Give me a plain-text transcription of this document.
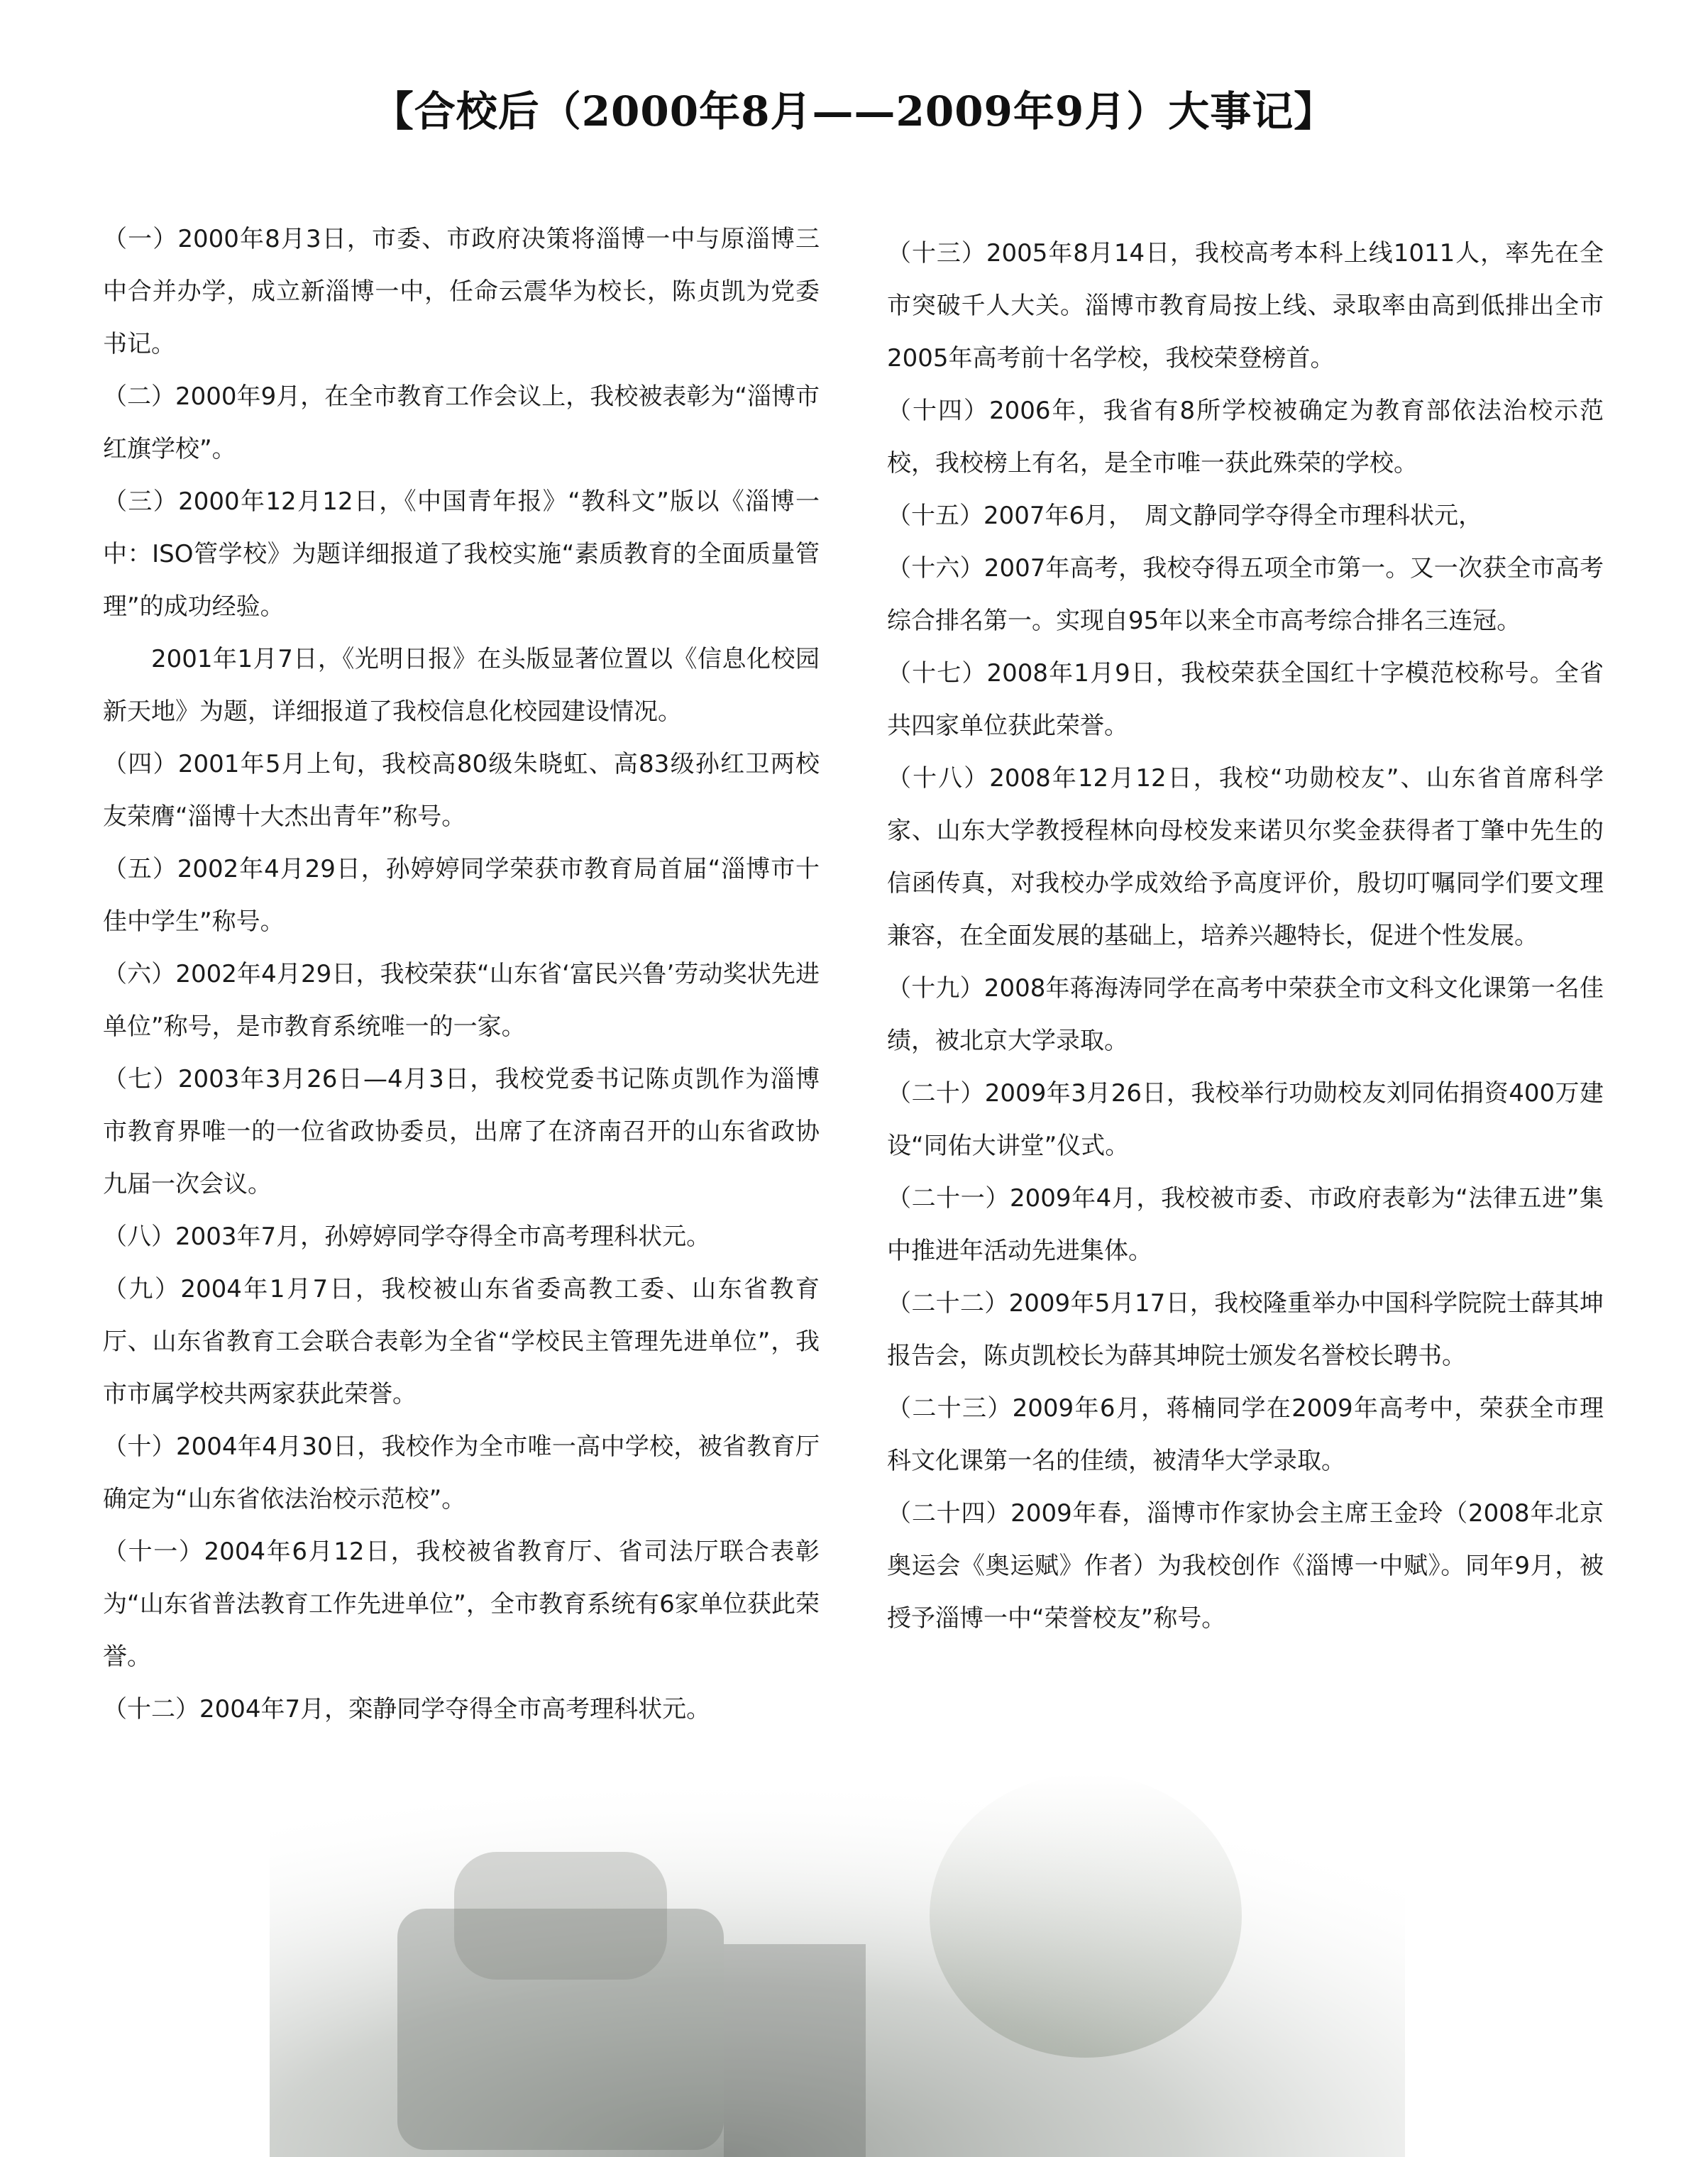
【合校后（2000年8月——2009年9月）大事记】

（一）2000年8月3日，市委、市政府决策将淄博一中与原淄博三中合并办学，成立新淄博一中，任命云震华为校长，陈贞凯为党委书记。

（二）2000年9月，在全市教育工作会议上，我校被表彰为“淄博市红旗学校”。

（三）2000年12月12日，《中国青年报》“教科文”版以《淄博一中：ISO管学校》为题详细报道了我校实施“素质教育的全面质量管理”的成功经验。

2001年1月7日，《光明日报》在头版显著位置以《信息化校园新天地》为题，详细报道了我校信息化校园建设情况。

（四）2001年5月上旬，我校高80级朱晓虹、高83级孙红卫两校友荣膺“淄博十大杰出青年”称号。

（五）2002年4月29日，孙婷婷同学荣获市教育局首届“淄博市十佳中学生”称号。

（六）2002年4月29日，我校荣获“山东省‘富民兴鲁’劳动奖状先进单位”称号，是市教育系统唯一的一家。

（七）2003年3月26日—4月3日，我校党委书记陈贞凯作为淄博市教育界唯一的一位省政协委员，出席了在济南召开的山东省政协九届一次会议。

（八）2003年7月，孙婷婷同学夺得全市高考理科状元。

（九）2004年1月7日，我校被山东省委高教工委、山东省教育厅、山东省教育工会联合表彰为全省“学校民主管理先进单位”，我市市属学校共两家获此荣誉。

（十）2004年4月30日，我校作为全市唯一高中学校，被省教育厅确定为“山东省依法治校示范校”。

（十一）2004年6月12日，我校被省教育厅、省司法厅联合表彰为“山东省普法教育工作先进单位”，全市教育系统有6家单位获此荣誉。

（十二）2004年7月，栾静同学夺得全市高考理科状元。

（十三）2005年8月14日，我校高考本科上线1011人，率先在全市突破千人大关。淄博市教育局按上线、录取率由高到低排出全市2005年高考前十名学校，我校荣登榜首。

（十四）2006年，我省有8所学校被确定为教育部依法治校示范校，我校榜上有名，是全市唯一获此殊荣的学校。

（十五）2007年6月，　周文静同学夺得全市理科状元，

（十六）2007年高考，我校夺得五项全市第一。又一次获全市高考综合排名第一。实现自95年以来全市高考综合排名三连冠。

（十七）2008年1月9日，我校荣获全国红十字模范校称号。全省共四家单位获此荣誉。

（十八）2008年12月12日，我校“功勋校友”、山东省首席科学家、山东大学教授程林向母校发来诺贝尔奖金获得者丁肇中先生的信函传真，对我校办学成效给予高度评价，殷切叮嘱同学们要文理兼容，在全面发展的基础上，培养兴趣特长，促进个性发展。

（十九）2008年蒋海涛同学在高考中荣获全市文科文化课第一名佳绩，被北京大学录取。

（二十）2009年3月26日，我校举行功勋校友刘同佑捐资400万建设“同佑大讲堂”仪式。

（二十一）2009年4月，我校被市委、市政府表彰为“法律五进”集中推进年活动先进集体。

（二十二）2009年5月17日，我校隆重举办中国科学院院士薛其坤报告会，陈贞凯校长为薛其坤院士颁发名誉校长聘书。

（二十三）2009年6月，蒋楠同学在2009年高考中，荣获全市理科文化课第一名的佳绩，被清华大学录取。

（二十四）2009年春，淄博市作家协会主席王金玲（2008年北京奥运会《奥运赋》作者）为我校创作《淄博一中赋》。同年9月，被授予淄博一中“荣誉校友”称号。
